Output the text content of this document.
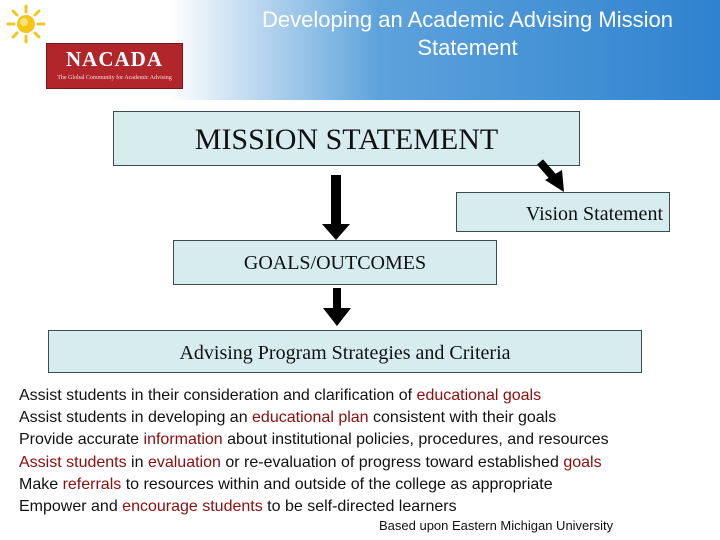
NACADA
The Global Community for Academic Advising
Developing an Academic Advising Mission Statement
MISSION STATEMENT
Vision Statement
GOALS/OUTCOMES
Advising Program Strategies and Criteria
Assist students in their consideration and clarification of educational goals
Assist students in developing an educational plan consistent with their goals
Provide accurate information about institutional policies, procedures, and resources
Assist students in evaluation or re-evaluation of progress toward established goals
Make referrals to resources within and outside of the college as appropriate
Empower and encourage students to be self-directed learners
Based upon Eastern Michigan University
